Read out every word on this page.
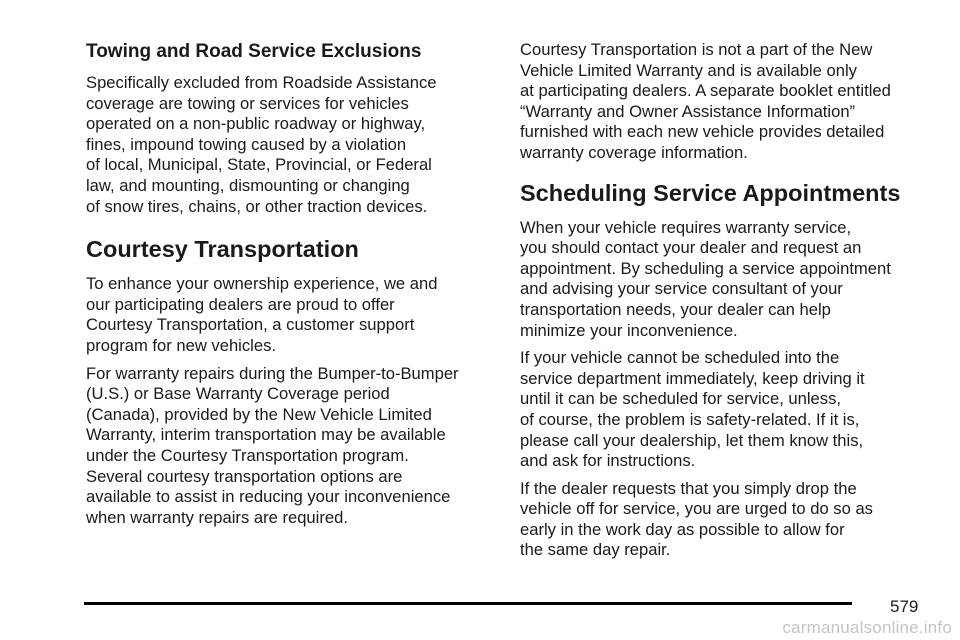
Towing and Road Service Exclusions

Specifically excluded from Roadside Assistance
coverage are towing or services for vehicles
operated on a non-public roadway or highway,
fines, impound towing caused by a violation
of local, Municipal, State, Provincial, or Federal
law, and mounting, dismounting or changing
of snow tires, chains, or other traction devices.

Courtesy Transportation

To enhance your ownership experience, we and
our participating dealers are proud to offer
Courtesy Transportation, a customer support
program for new vehicles.

For warranty repairs during the Bumper-to-Bumper
(U.S.) or Base Warranty Coverage period
(Canada), provided by the New Vehicle Limited
Warranty, interim transportation may be available
under the Courtesy Transportation program.
Several courtesy transportation options are
available to assist in reducing your inconvenience
when warranty repairs are required.

Courtesy Transportation is not a part of the New
Vehicle Limited Warranty and is available only
at participating dealers. A separate booklet entitled
“Warranty and Owner Assistance Information”
furnished with each new vehicle provides detailed
warranty coverage information.

Scheduling Service Appointments

When your vehicle requires warranty service,
you should contact your dealer and request an
appointment. By scheduling a service appointment
and advising your service consultant of your
transportation needs, your dealer can help
minimize your inconvenience.

If your vehicle cannot be scheduled into the
service department immediately, keep driving it
until it can be scheduled for service, unless,
of course, the problem is safety-related. If it is,
please call your dealership, let them know this,
and ask for instructions.

If the dealer requests that you simply drop the
vehicle off for service, you are urged to do so as
early in the work day as possible to allow for
the same day repair.

579
carmanualsonline.info
